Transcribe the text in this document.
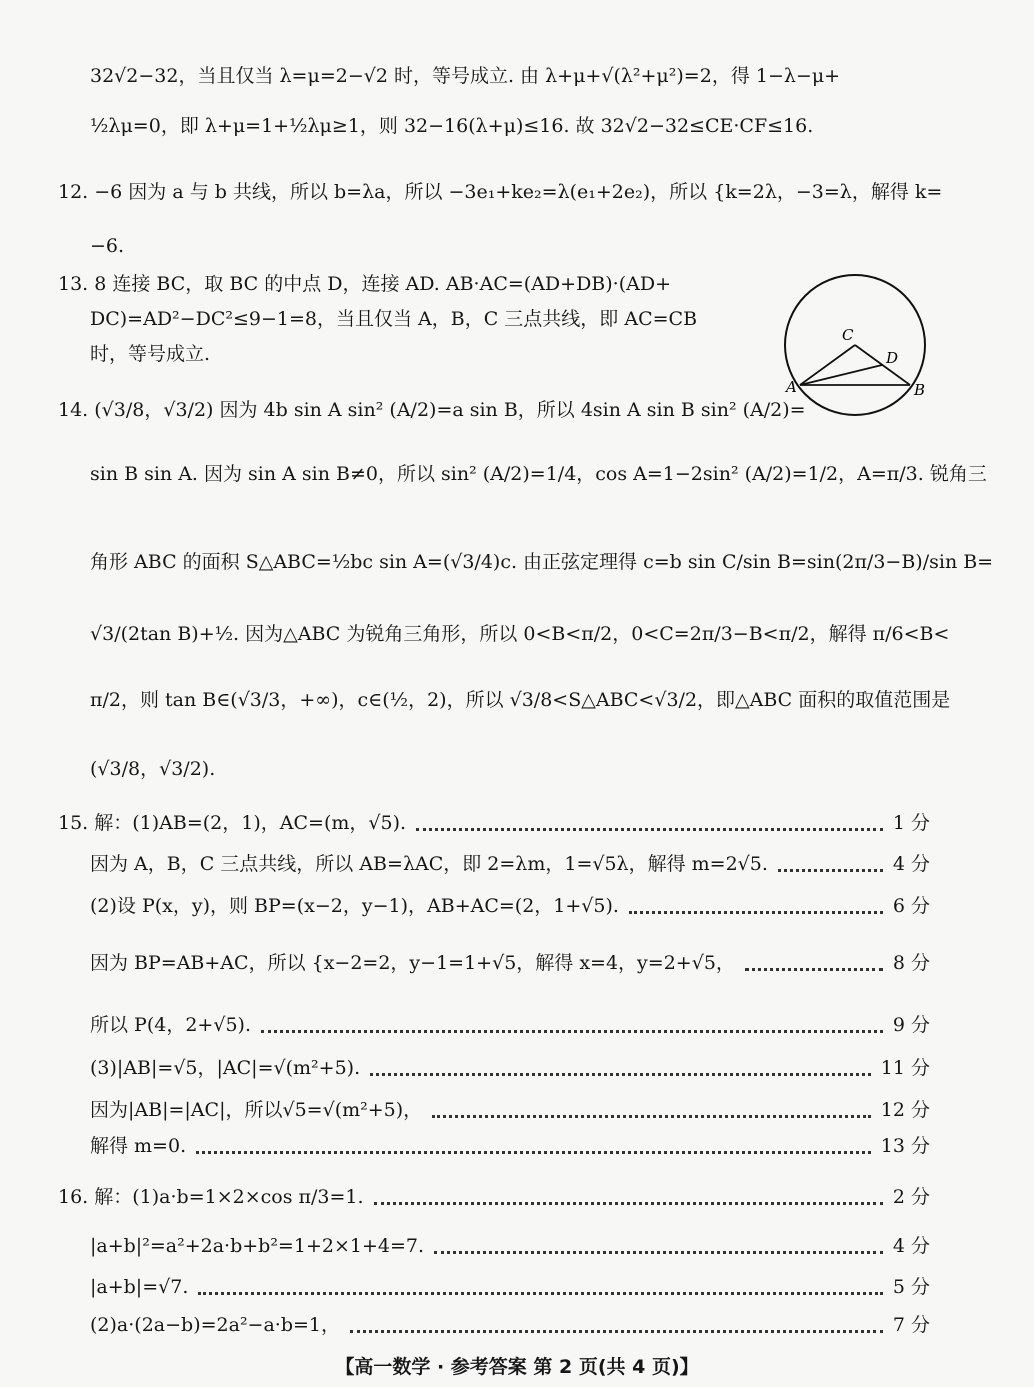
32√2−32，当且仅当 λ=μ=2−√2 时，等号成立. 由 λ+μ+√(λ²+μ²)=2，得 1−λ−μ+
½λμ=0，即 λ+μ=1+½λμ≥1，则 32−16(λ+μ)≤16. 故 32√2−32≤CE·CF≤16.
12. −6 因为 a 与 b 共线，所以 b=λa，所以 −3e₁+ke₂=λ(e₁+2e₂)，所以 {k=2λ，−3=λ，解得 k=
−6.
13. 8 连接 BC，取 BC 的中点 D，连接 AD. AB·AC=(AD+DB)·(AD+
DC)=AD²−DC²≤9−1=8，当且仅当 A，B，C 三点共线，即 AC=CB
时，等号成立.
14. (√3/8，√3/2) 因为 4b sin A sin² (A/2)=a sin B，所以 4sin A sin B sin² (A/2)=
sin B sin A. 因为 sin A sin B≠0，所以 sin² (A/2)=1/4，cos A=1−2sin² (A/2)=1/2，A=π/3. 锐角三
角形 ABC 的面积 S△ABC=½bc sin A=(√3/4)c. 由正弦定理得 c=b sin C/sin B=sin(2π/3−B)/sin B=
√3/(2tan B)+½. 因为△ABC 为锐角三角形，所以 0<B<π/2，0<C=2π/3−B<π/2，解得 π/6<B<
π/2，则 tan B∈(√3/3，+∞)，c∈(½，2)，所以 √3/8<S△ABC<√3/2，即△ABC 面积的取值范围是
(√3/8，√3/2).
A	B
C
D
15. 解：(1)AB=(2，1)，AC=(m，√5).	1 分
因为 A，B，C 三点共线，所以 AB=λAC，即 2=λm，1=√5λ，解得 m=2√5.	4 分
(2)设 P(x，y)，则 BP=(x−2，y−1)，AB+AC=(2，1+√5).	6 分
因为 BP=AB+AC，所以 {x−2=2，y−1=1+√5，解得 x=4，y=2+√5，	8 分
所以 P(4，2+√5).	9 分
(3)|AB|=√5，|AC|=√(m²+5).	11 分
因为|AB|=|AC|，所以√5=√(m²+5)，	12 分
解得 m=0.	13 分
16. 解：(1)a·b=1×2×cos π/3=1.	2 分
|a+b|²=a²+2a·b+b²=1+2×1+4=7.	4 分
|a+b|=√7.	5 分
(2)a·(2a−b)=2a²−a·b=1，	7 分
【高一数学 · 参考答案 第 2 页(共 4 页)】
